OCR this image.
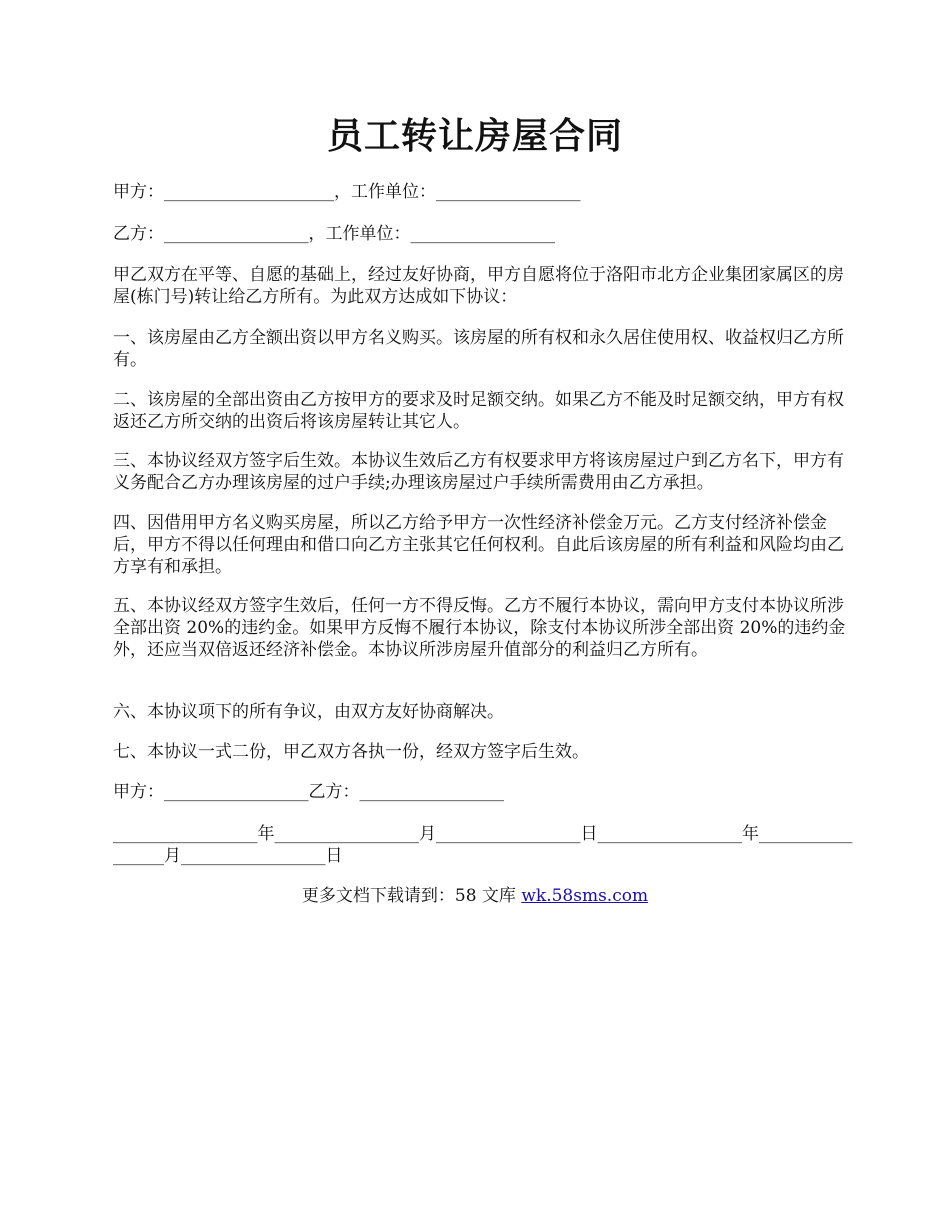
员工转让房屋合同

甲方：____________________，工作单位：_________________

乙方：_________________，工作单位：_________________

甲乙双方在平等、自愿的基础上，经过友好协商，甲方自愿将位于洛阳市北方企业集团家属区的房屋(栋门号)转让给乙方所有。为此双方达成如下协议：

一、该房屋由乙方全额出资以甲方名义购买。该房屋的所有权和永久居住使用权、收益权归乙方所有。

二、该房屋的全部出资由乙方按甲方的要求及时足额交纳。如果乙方不能及时足额交纳，甲方有权返还乙方所交纳的出资后将该房屋转让其它人。

三、本协议经双方签字后生效。本协议生效后乙方有权要求甲方将该房屋过户到乙方名下，甲方有义务配合乙方办理该房屋的过户手续;办理该房屋过户手续所需费用由乙方承担。

四、因借用甲方名义购买房屋，所以乙方给予甲方一次性经济补偿金万元。乙方支付经济补偿金后，甲方不得以任何理由和借口向乙方主张其它任何权利。自此后该房屋的所有利益和风险均由乙方享有和承担。

五、本协议经双方签字生效后，任何一方不得反悔。乙方不履行本协议，需向甲方支付本协议所涉全部出资 20%的违约金。如果甲方反悔不履行本协议，除支付本协议所涉全部出资 20%的违约金外，还应当双倍返还经济补偿金。本协议所涉房屋升值部分的利益归乙方所有。

六、本协议项下的所有争议，由双方友好协商解决。

七、本协议一式二份，甲乙双方各执一份，经双方签字后生效。

甲方：_________________乙方：_________________

_________________年_________________月_________________日_________________年_________________月_________________日

更多文档下载请到：58 文库 wk.58sms.com
